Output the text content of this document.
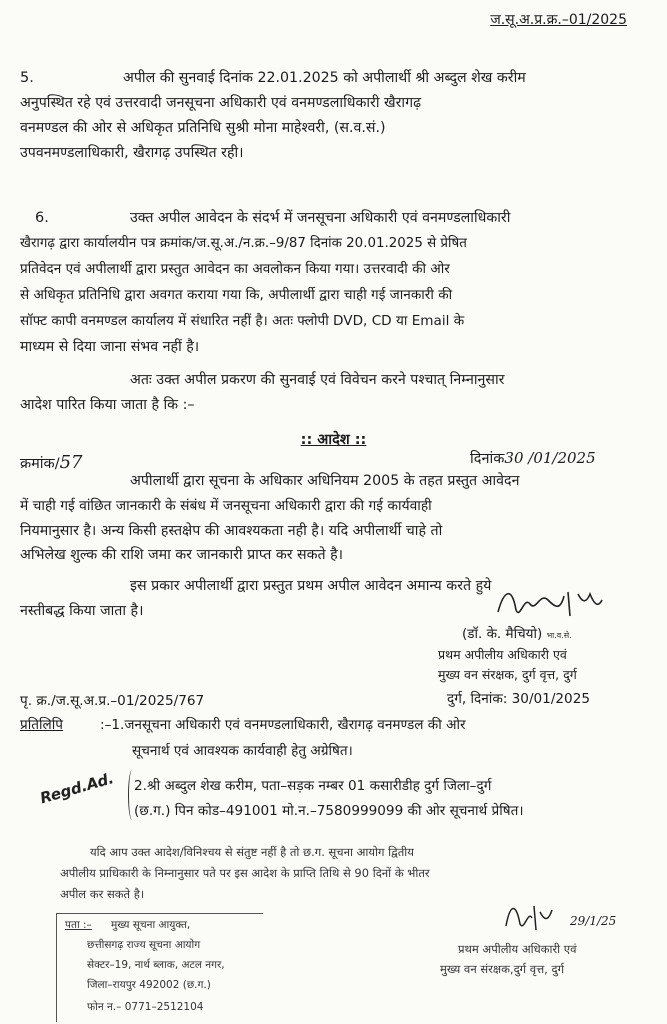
ज.सू.अ.प्र.क्र.–01/2025
5.	अपील की सुनवाई दिनांक 22.01.2025 को अपीलार्थी श्री अब्दुल शेख करीम
अनुपस्थित रहे एवं उत्तरवादी जनसूचना अधिकारी एवं वनमण्डलाधिकारी खैरागढ़
वनमण्डल की ओर से अधिकृत प्रतिनिधि सुश्री मोना माहेश्वरी, (स.व.सं.)
उपवनमण्डलाधिकारी, खैरागढ़ उपस्थित रही।
6.	उक्त अपील आवेदन के संदर्भ में जनसूचना अधिकारी एवं वनमण्डलाधिकारी
खैरागढ़ द्वारा कार्यालयीन पत्र क्रमांक/ज.सू.अ./न.क्र.–9/87 दिनांक 20.01.2025 से प्रेषित
प्रतिवेदन एवं अपीलार्थी द्वारा प्रस्तुत आवेदन का अवलोकन किया गया। उत्तरवादी की ओर
से अधिकृत प्रतिनिधि द्वारा अवगत कराया गया कि, अपीलार्थी द्वारा चाही गई जानकारी की
सॉफ्ट कापी वनमण्डल कार्यालय में संधारित नहीं है। अतः फ्लोपी DVD, CD या Email के
माध्यम से दिया जाना संभव नहीं है।
अतः उक्त अपील प्रकरण की सुनवाई एवं विवेचन करने पश्चात् निम्नानुसार
आदेश पारित किया जाता है कि :–
:: आदेश ::
क्रमांक/57	दिनांक30 /01/2025
अपीलार्थी द्वारा सूचना के अधिकार अधिनियम 2005 के तहत प्रस्तुत आवेदन
में चाही गई वांछित जानकारी के संबंध में जनसूचना अधिकारी द्वारा की गई कार्यवाही
नियमानुसार है। अन्य किसी हस्तक्षेप की आवश्यकता नही है। यदि अपीलार्थी चाहे तो
अभिलेख शुल्क की राशि जमा कर जानकारी प्राप्त कर सकते है।
इस प्रकार अपीलार्थी द्वारा प्रस्तुत प्रथम अपील आवेदन अमान्य करते हुये
नस्तीबद्ध किया जाता है।
(डॉ. के. मैचियो) भा.व.से.
प्रथम अपीलीय अधिकारी एवं
मुख्य वन संरक्षक, दुर्ग वृत्त, दुर्ग
पृ. क्र./ज.सू.अ.प्र.–01/2025/767	दुर्ग, दिनांक: 30/01/2025
प्रतिलिपि	:–1.जनसूचना अधिकारी एवं वनमण्डलाधिकारी, खैरागढ़ वनमण्डल की ओर
सूचनार्थ एवं आवश्यक कार्यवाही हेतु अग्रेषित।
Regd.Ad. 2.श्री अब्दुल शेख करीम, पता–सड़क नम्बर 01 कसारीडीह दुर्ग जिला–दुर्ग
(छ.ग.) पिन कोड–491001 मो.न.–7580999099 की ओर सूचनार्थ प्रेषित।
यदि आप उक्त आदेश/विनिश्चय से संतुष्ट नहीं है तो छ.ग. सूचना आयोग द्वितीय
अपीलीय प्राधिकारी के निम्नानुसार पते पर इस आदेश के प्राप्ति तिथि से 90 दिनों के भीतर
अपील कर सकते है।
पता :– मुख्य सूचना आयुक्त,
छत्तीसगढ़ राज्य सूचना आयोग
सेक्टर–19, नार्थ ब्लाक, अटल नगर,
जिला–रायपुर 492002 (छ.ग.)
फोन न.– 0771–2512104
29/1/25
प्रथम अपीलीय अधिकारी एवं
मुख्य वन संरक्षक,दुर्ग वृत्त, दुर्ग
